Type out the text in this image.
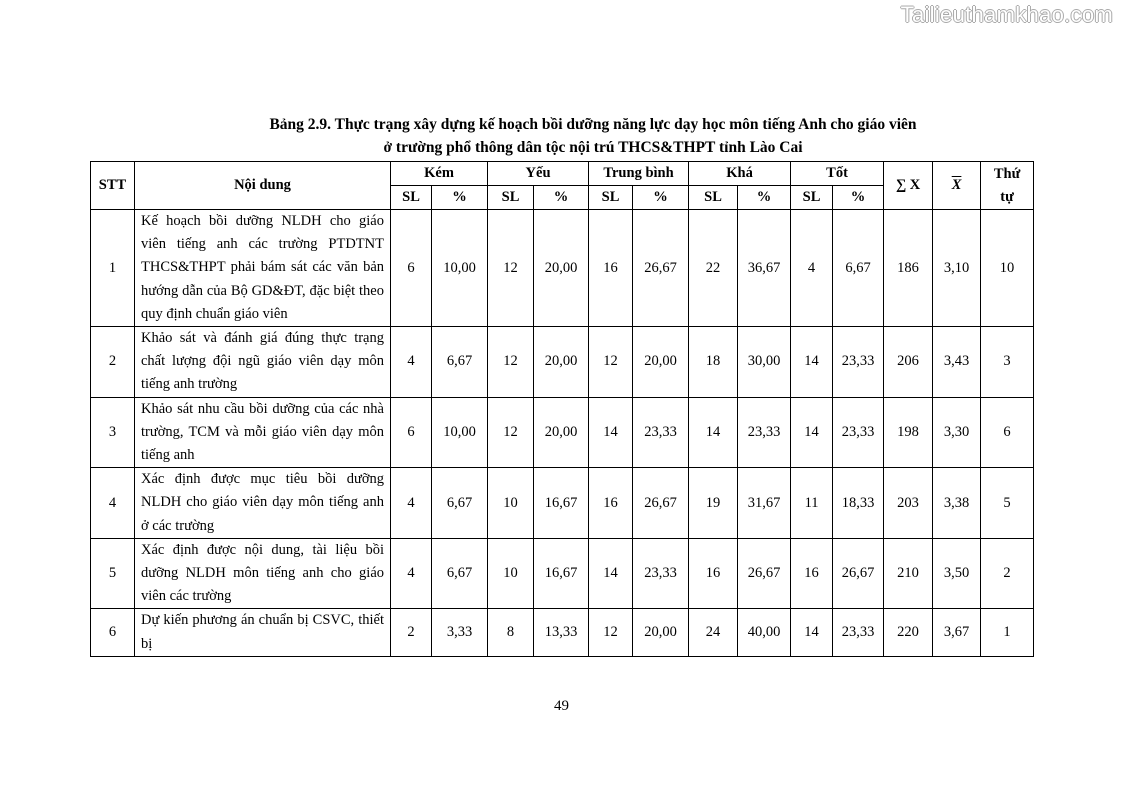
Tailieuthamkhao.com
Bảng 2.9. Thực trạng xây dựng kế hoạch bồi dưỡng năng lực dạy học môn tiếng Anh cho giáo viên
ở trường phổ thông dân tộc nội trú THCS&THPT tỉnh Lào Cai
STT	Nội dung	Kém		Yếu		Trung bình		Khá		Tốt		∑ X	$\overline{X}$	Thứ tự
		SL	%	SL	%	SL	%	SL	%	SL	%			
1	Kế hoạch bồi dưỡng NLDH cho giáo viên tiếng anh các trường PTDTNT THCS&THPT phải bám sát các văn bản hướng dẫn của Bộ GD&ĐT, đặc biệt theo quy định chuẩn giáo viên	6	10,00	12	20,00	16	26,67	22	36,67	4	6,67	186	3,10	10
2	Khảo sát và đánh giá đúng thực trạng chất lượng đội ngũ giáo viên dạy môn tiếng anh trường	4	6,67	12	20,00	12	20,00	18	30,00	14	23,33	206	3,43	3
3	Khảo sát nhu cầu bồi dưỡng của các nhà trường, TCM và mỗi giáo viên dạy môn tiếng anh	6	10,00	12	20,00	14	23,33	14	23,33	14	23,33	198	3,30	6
4	Xác định được mục tiêu bồi dưỡng NLDH cho giáo viên dạy môn tiếng anh ở các trường	4	6,67	10	16,67	16	26,67	19	31,67	11	18,33	203	3,38	5
5	Xác định được nội dung, tài liệu bồi dưỡng NLDH môn tiếng anh cho giáo viên các trường	4	6,67	10	16,67	14	23,33	16	26,67	16	26,67	210	3,50	2
6	Dự kiến phương án chuẩn bị CSVC, thiết bị	2	3,33	8	13,33	12	20,00	24	40,00	14	23,33	220	3,67	1
49
